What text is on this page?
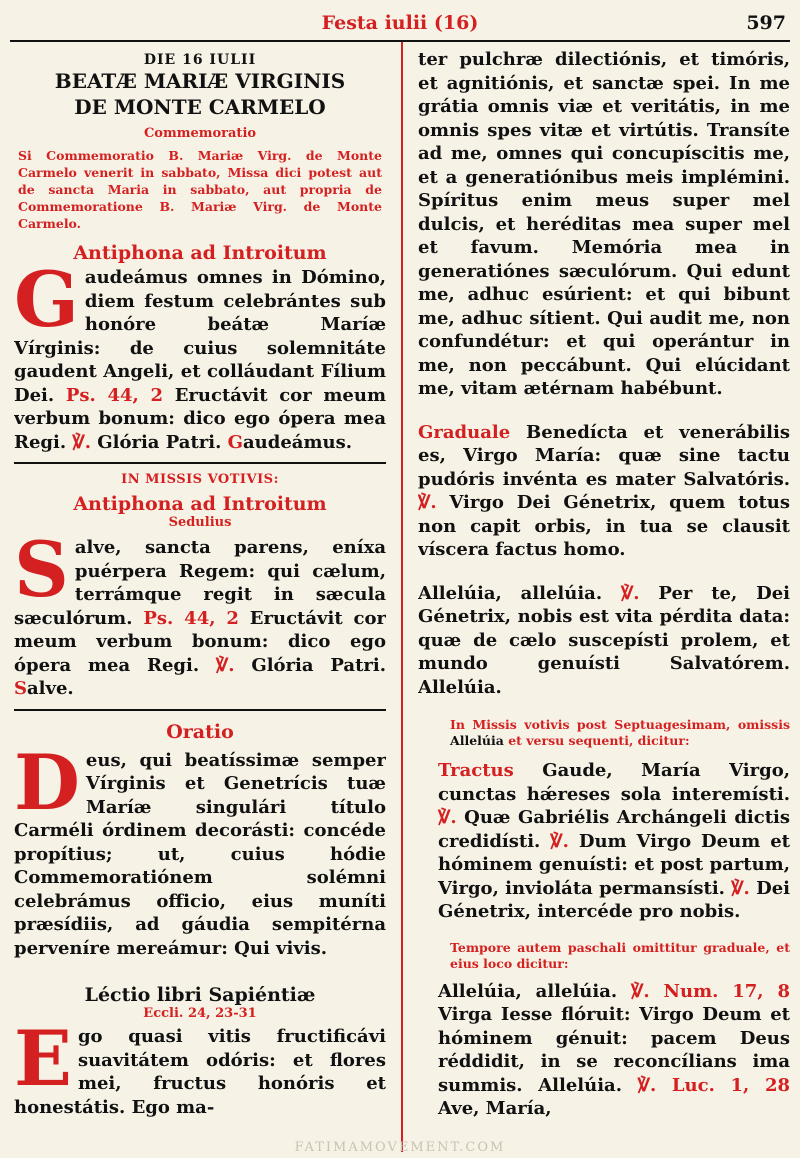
Festa iulii (16)	597
DIE 16 IULII
BEATÆ MARIÆ VIRGINIS
DE MONTE CARMELO
Commemoratio
Si Commemoratio B. Mariæ Virg. de Monte Carmelo venerit in sabbato, Missa dici potest aut de sancta Maria in sabbato, aut propria de Commemoratione B. Mariæ Virg. de Monte Carmelo.
Antiphona ad Introitum

Gaudeámus omnes in Dómino, diem festum celebrántes sub honóre beátæ Maríæ Vírginis: de cuius solemnitáte gaudent Angeli, et colláudant Fílium Dei. Ps. 44, 2 Eructávit cor meum verbum bonum: dico ego ópera mea Regi. ℣. Glória Patri. Gaudeámus.

IN MISSIS VOTIVIS:
Antiphona ad Introitum
Sedulius

Salve, sancta parens, eníxa puérpera Regem: qui cælum, terrámque regit in sæcula sæculórum. Ps. 44, 2 Eructávit cor meum verbum bonum: dico ego ópera mea Regi. ℣. Glória Patri. Salve.

Oratio

Deus, qui beatíssimæ semper Vírginis et Genetrícis tuæ Maríæ singulári título Carméli órdinem decorásti: concéde propítius; ut, cuius hódie Commemoratiónem solémni celebrámus officio, eius muníti præsídiis, ad gáudia sempitérna perveníre mereámur: Qui vivis.

Léctio libri Sapiéntiæ
Eccli. 24, 23-31

Ego quasi vitis fructificávi suavitátem odóris: et flores mei, fructus honóris et honestátis. Ego ma-

ter pulchræ dilectiónis, et timóris, et agnitiónis, et sanctæ spei. In me grátia omnis viæ et veritátis, in me omnis spes vitæ et virtútis. Transíte ad me, omnes qui concupíscitis me, et a generatiónibus meis implémini. Spíritus enim meus super mel dulcis, et heréditas mea super mel et favum. Memória mea in generatiónes sæculórum. Qui edunt me, adhuc esúrient: et qui bibunt me, adhuc sítient. Qui audit me, non confundétur: et qui operántur in me, non peccábunt. Qui elúcidant me, vitam ætérnam habébunt.

Graduale Benedícta et venerábilis es, Virgo María: quæ sine tactu pudóris invénta es mater Salvatóris. ℣. Virgo Dei Génetrix, quem totus non capit orbis, in tua se clausit víscera factus homo.

Allelúia, allelúia. ℣. Per te, Dei Génetrix, nobis est vita pérdita data: quæ de cælo suscepísti prolem, et mundo genuísti Salvatórem. Allelúia.

In Missis votivis post Septuagesimam, omissis Allelúia et versu sequenti, dicitur:

Tractus Gaude, María Virgo, cunctas hǽreses sola interemísti. ℣. Quæ Gabriélis Archángeli dictis credidísti. ℣. Dum Virgo Deum et hóminem genuísti: et post partum, Virgo, invioláta permansísti. ℣. Dei Génetrix, intercéde pro nobis.

Tempore autem paschali omittitur graduale, et eius loco dicitur:

Allelúia, allelúia. ℣. Num. 17, 8 Virga Iesse flóruit: Virgo Deum et hóminem génuit: pacem Deus réddidit, in se reconcílians ima summis. Allelúia. ℣. Luc. 1, 28 Ave, María,

FATIMAMOVEMENT.COM
